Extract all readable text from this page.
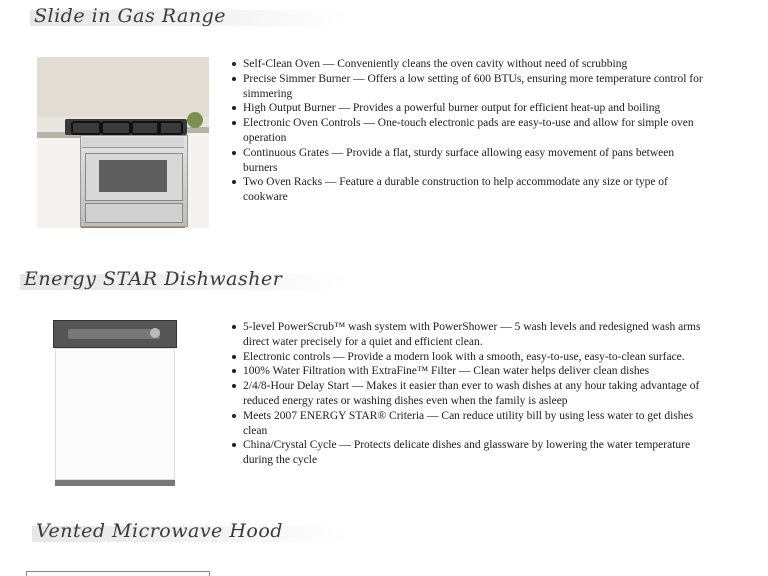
Slide in Gas Range
Self-Clean Oven — Conveniently cleans the oven cavity without need of scrubbing
Precise Simmer Burner — Offers a low setting of 600 BTUs, ensuring more temperature control for simmering
High Output Burner — Provides a powerful burner output for efficient heat-up and boiling
Electronic Oven Controls — One-touch electronic pads are easy-to-use and allow for simple oven operation
Continuous Grates — Provide a flat, sturdy surface allowing easy movement of pans between burners
Two Oven Racks — Feature a durable construction to help accommodate any size or type of cookware
Energy STAR Dishwasher
5-level PowerScrub™ wash system with PowerShower — 5 wash levels and redesigned wash arms direct water precisely for a quiet and efficient clean.
Electronic controls — Provide a modern look with a smooth, easy-to-use, easy-to-clean surface.
100% Water Filtration with ExtraFine™ Filter — Clean water helps deliver clean dishes
2/4/8-Hour Delay Start — Makes it easier than ever to wash dishes at any hour taking advantage of reduced energy rates or washing dishes even when the family is asleep
Meets 2007 ENERGY STAR® Criteria — Can reduce utility bill by using less water to get dishes clean
China/Crystal Cycle — Protects delicate dishes and glassware by lowering the water temperature during the cycle
Vented Microwave Hood
